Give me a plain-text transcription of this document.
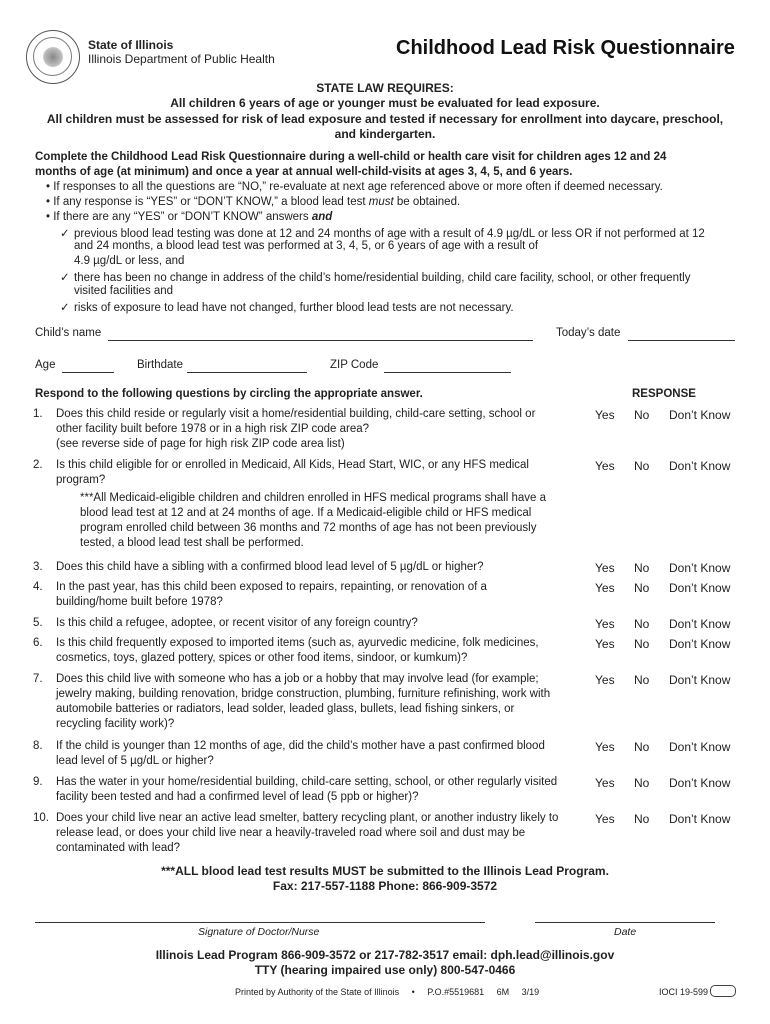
State of Illinois
Illinois Department of Public Health	Childhood Lead Risk Questionnaire
STATE LAW REQUIRES:
All children 6 years of age or younger must be evaluated for lead exposure.
All children must be assessed for risk of lead exposure and tested if necessary for enrollment into daycare, preschool,
and kindergarten.
Complete the Childhood Lead Risk Questionnaire during a well-child or health care visit for children ages 12 and 24
months of age (at minimum) and once a year at annual well-child-visits at ages 3, 4, 5, and 6 years.
• If responses to all the questions are “NO,” re-evaluate at next age referenced above or more often if deemed necessary.
• If any response is “YES” or “DON’T KNOW,” a blood lead test must be obtained.
• If there are any “YES” or “DON’T KNOW” answers and
✓ previous blood lead testing was done at 12 and 24 months of age with a result of 4.9 µg/dL or less OR if not performed at 12
and 24 months, a blood lead test was performed at 3, 4, 5, or 6 years of age with a result of
4.9 µg/dL or less, and
✓ there has been no change in address of the child’s home/residential building, child care facility, school, or other frequently
visited facilities and
✓ risks of exposure to lead have not changed, further blood lead tests are not necessary.
Child’s name	Today’s date
Age	Birthdate	ZIP Code
Respond to the following questions by circling the appropriate answer.	RESPONSE
1. Does this child reside or regularly visit a home/residential building, child-care setting, school or
other facility built before 1978 or in a high risk ZIP code area?
(see reverse side of page for high risk ZIP code area list)
Yes No Don’t Know
2. Is this child eligible for or enrolled in Medicaid, All Kids, Head Start, WIC, or any HFS medical
program?
Yes No Don’t Know
3. Does this child have a sibling with a confirmed blood lead level of 5 µg/dL or higher?	Yes No Don’t Know
4. In the past year, has this child been exposed to repairs, repainting, or renovation of a
building/home built before 1978?
Yes No Don’t Know
5. Is this child a refugee, adoptee, or recent visitor of any foreign country?	Yes No Don’t Know
6. Is this child frequently exposed to imported items (such as, ayurvedic medicine, folk medicines,
cosmetics, toys, glazed pottery, spices or other food items, sindoor, or kumkum)?
Yes No Don’t Know
7. Does this child live with someone who has a job or a hobby that may involve lead (for example;
jewelry making, building renovation, bridge construction, plumbing, furniture refinishing, work with
automobile batteries or radiators, lead solder, leaded glass, bullets, lead fishing sinkers, or
recycling facility work)?
Yes No Don’t Know
8. If the child is younger than 12 months of age, did the child’s mother have a past confirmed blood
lead level of 5 µg/dL or higher?
Yes No Don’t Know
9. Has the water in your home/residential building, child-care setting, school, or other regularly visited
facility been tested and had a confirmed level of lead (5 ppb or higher)?
Yes No Don’t Know
10. Does your child live near an active lead smelter, battery recycling plant, or another industry likely to
release lead, or does your child live near a heavily-traveled road where soil and dust may be
contaminated with lead?
Yes No Don’t Know
***All Medicaid-eligible children and children enrolled in HFS medical programs shall have a
blood lead test at 12 and at 24 months of age. If a Medicaid-eligible child or HFS medical
program enrolled child between 36 months and 72 months of age has not been previously
tested, a blood lead test shall be performed.
***ALL blood lead test results MUST be submitted to the Illinois Lead Program.
Fax: 217-557-1188 Phone: 866-909-3572
Signature of Doctor/Nurse	Date
Illinois Lead Program 866-909-3572 or 217-782-3517 email: dph.lead@illinois.gov
TTY (hearing impaired use only) 800-547-0466
Printed by Authority of the State of Illinois     •     P.O.#5519681     6M     3/19	IOCI 19-599
